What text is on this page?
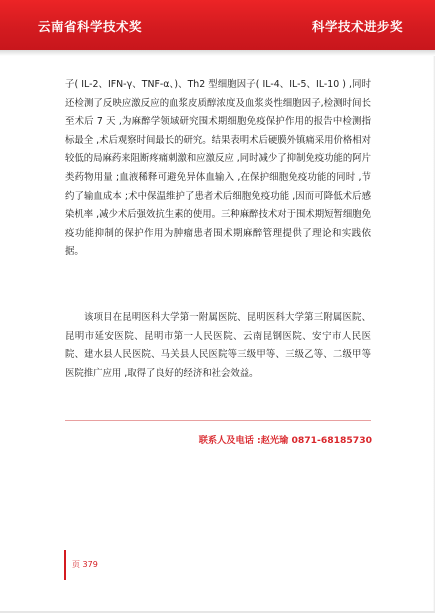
云南省科学技术奖	科学技术进步奖

子( IL-2、IFN-γ、TNF-α、)、Th2 型细胞因子( IL-4、IL-5、IL-10 ) ,同时还检测了反映应激反应的血浆皮质醇浓度及血浆炎性细胞因子,检测时间长至术后 7 天 ,为麻醉学领域研究围术期细胞免疫保护作用的报告中检测指标最全 ,术后观察时间最长的研究。结果表明术后硬膜外镇痛采用价格相对较低的局麻药来阻断疼痛刺激和应激反应 ,同时减少了抑制免疫功能的阿片类药物用量 ;血液稀释可避免异体血输入 ,在保护细胞免疫功能的同时 ,节约了输血成本 ;术中保温维护了患者术后细胞免疫功能 ,因而可降低术后感染机率 ,减少术后强效抗生素的使用。三种麻醉技术对于围术期短暂细胞免疫功能抑制的保护作用为肿瘤患者围术期麻醉管理提供了理论和实践依据。

该项目在昆明医科大学第一附属医院、昆明医科大学第三附属医院、昆明市延安医院、昆明市第一人民医院、云南昆钢医院、安宁市人民医院、建水县人民医院、马关县人民医院等三级甲等、三级乙等、二级甲等医院推广应用 ,取得了良好的经济和社会效益。

联系人及电话 :赵光瑜 0871-68185730
页 379
